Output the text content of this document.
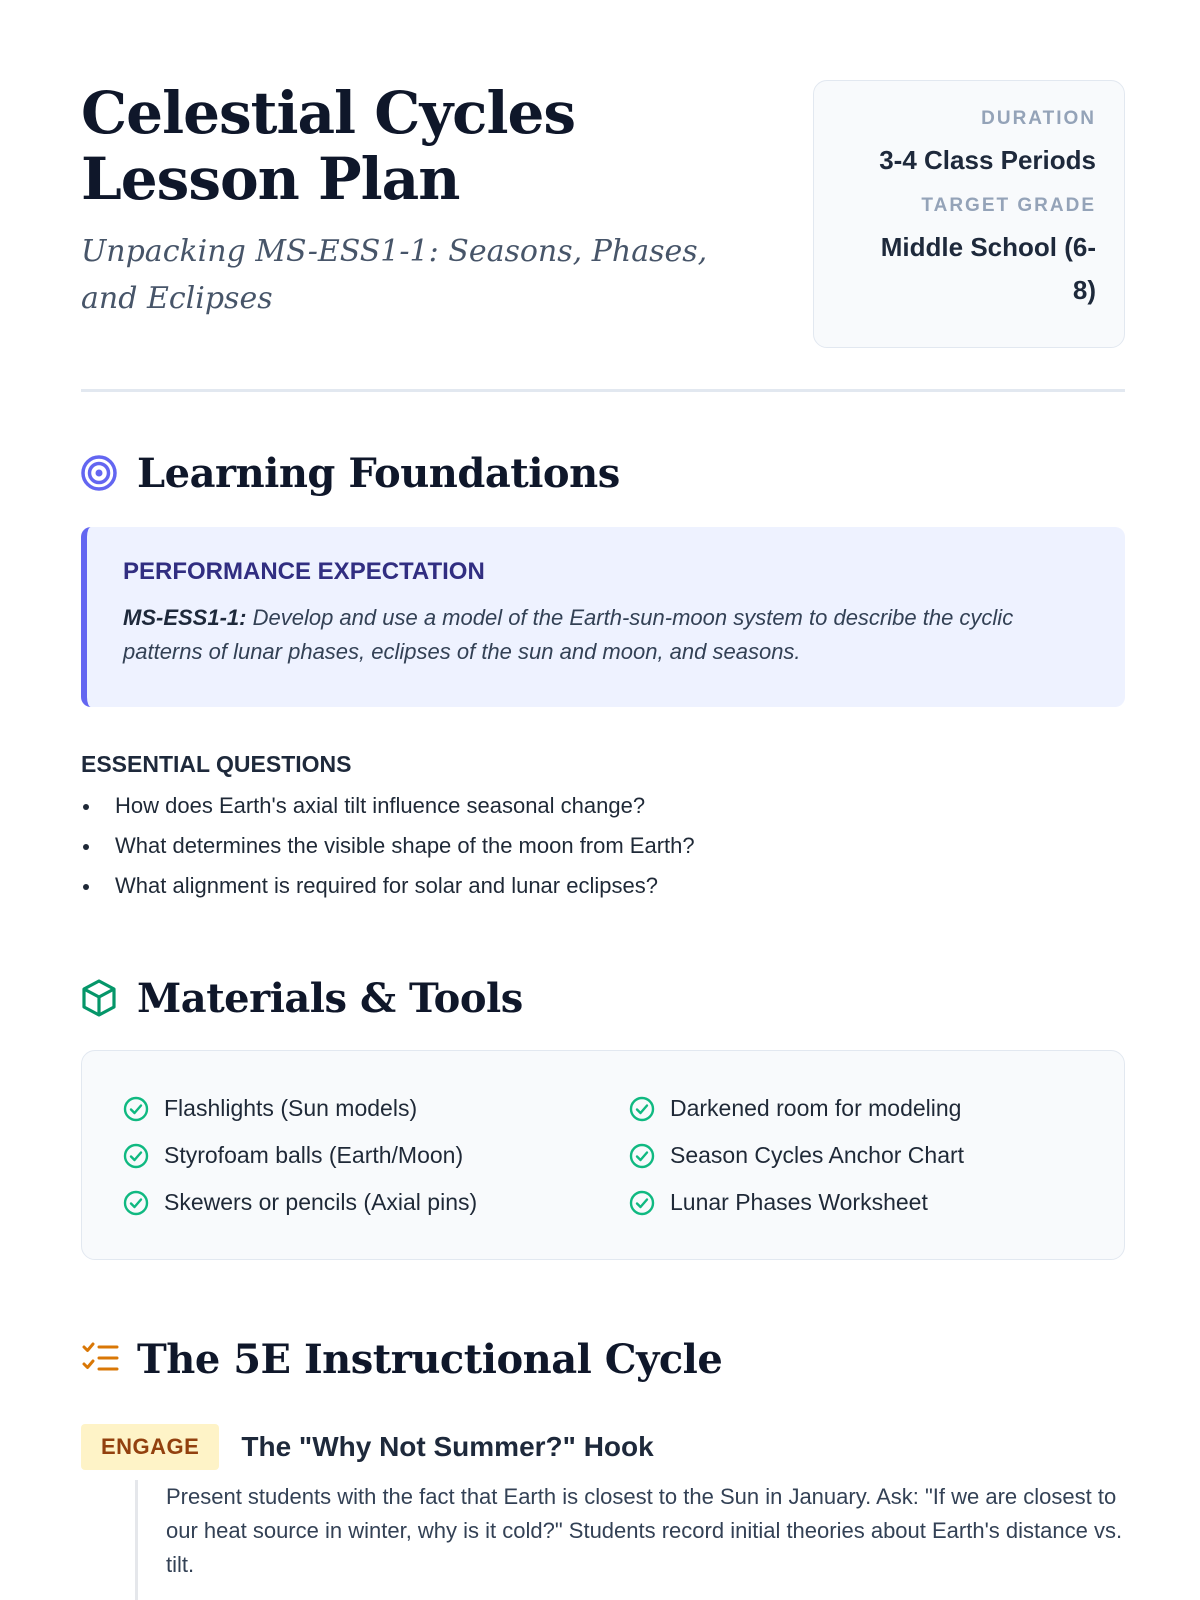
Celestial Cycles Lesson Plan

Unpacking MS-ESS1-1: Seasons, Phases, and Eclipses

DURATION
3-4 Class Periods
TARGET GRADE
Middle School (6-8)
Learning Foundations
PERFORMANCE EXPECTATION
MS-ESS1-1: Develop and use a model of the Earth-sun-moon system to describe the cyclic patterns of lunar phases, eclipses of the sun and moon, and seasons.
ESSENTIAL QUESTIONS
How does Earth's axial tilt influence seasonal change?
What determines the visible shape of the moon from Earth?
What alignment is required for solar and lunar eclipses?
Materials & Tools
Flashlights (Sun models)
Styrofoam balls (Earth/Moon)
Skewers or pencils (Axial pins)
Darkened room for modeling
Season Cycles Anchor Chart
Lunar Phases Worksheet
The 5E Instructional Cycle
ENGAGE	The "Why Not Summer?" Hook
Present students with the fact that Earth is closest to the Sun in January. Ask: "If we are closest to our heat source in winter, why is it cold?" Students record initial theories about Earth's distance vs. tilt.
